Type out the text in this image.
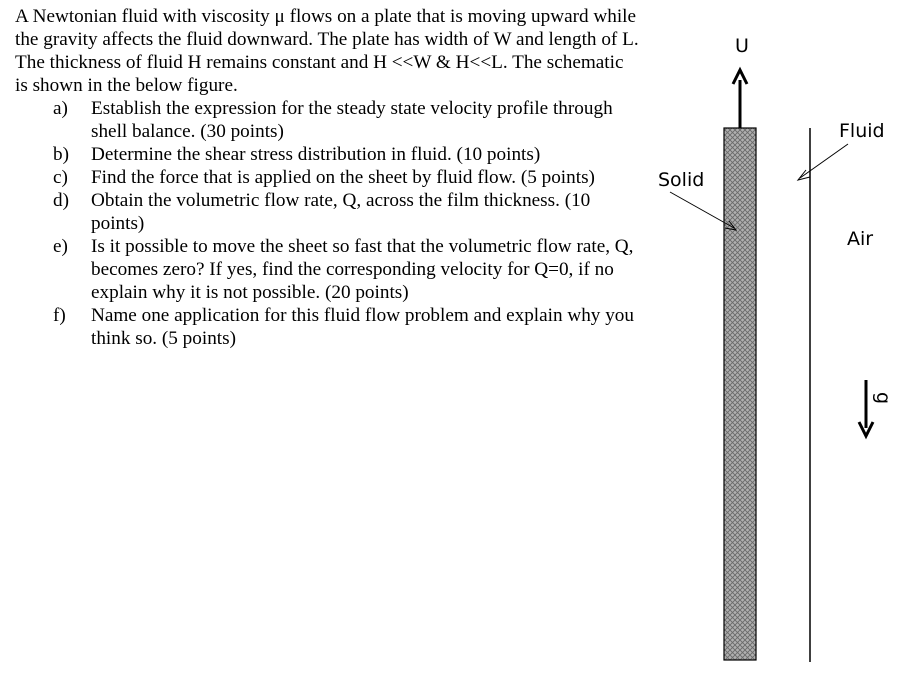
A Newtonian fluid with viscosity μ flows on a plate that is moving upward while the gravity affects the fluid downward. The plate has width of W and length of L. The thickness of fluid H remains constant and H <<W & H<<L. The schematic is shown in the below figure.

a) Establish the expression for the steady state velocity profile through shell balance. (30 points)
b) Determine the shear stress distribution in fluid. (10 points)
c) Find the force that is applied on the sheet by fluid flow. (5 points)
d) Obtain the volumetric flow rate, Q, across the film thickness. (10 points)
e) Is it possible to move the sheet so fast that the volumetric flow rate, Q, becomes zero? If yes, find the corresponding velocity for Q=0, if no explain why it is not possible. (20 points)
f) Name one application for this fluid flow problem and explain why you think so. (5 points)
U
Fluid
Solid
Air
g
